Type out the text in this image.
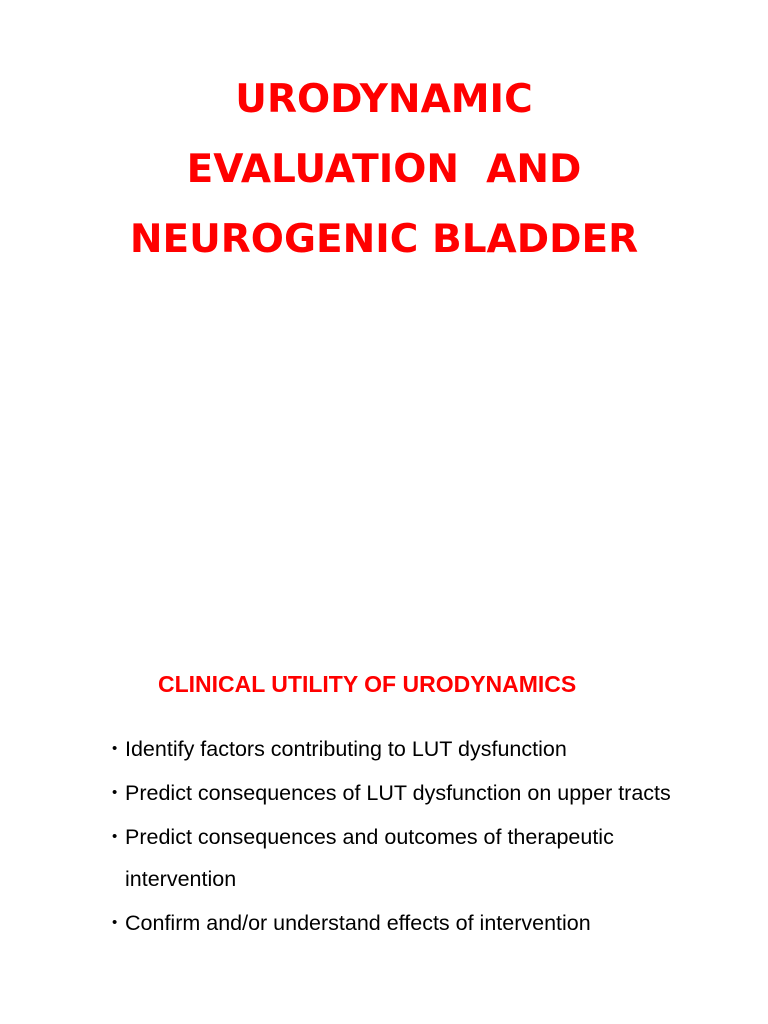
URODYNAMIC
EVALUATION  AND
NEUROGENIC BLADDER
CLINICAL UTILITY OF URODYNAMICS
• Identify factors contributing to LUT dysfunction
• Predict consequences of LUT dysfunction on upper tracts
• Predict consequences and outcomes of therapeutic intervention
• Confirm and/or understand effects of intervention
